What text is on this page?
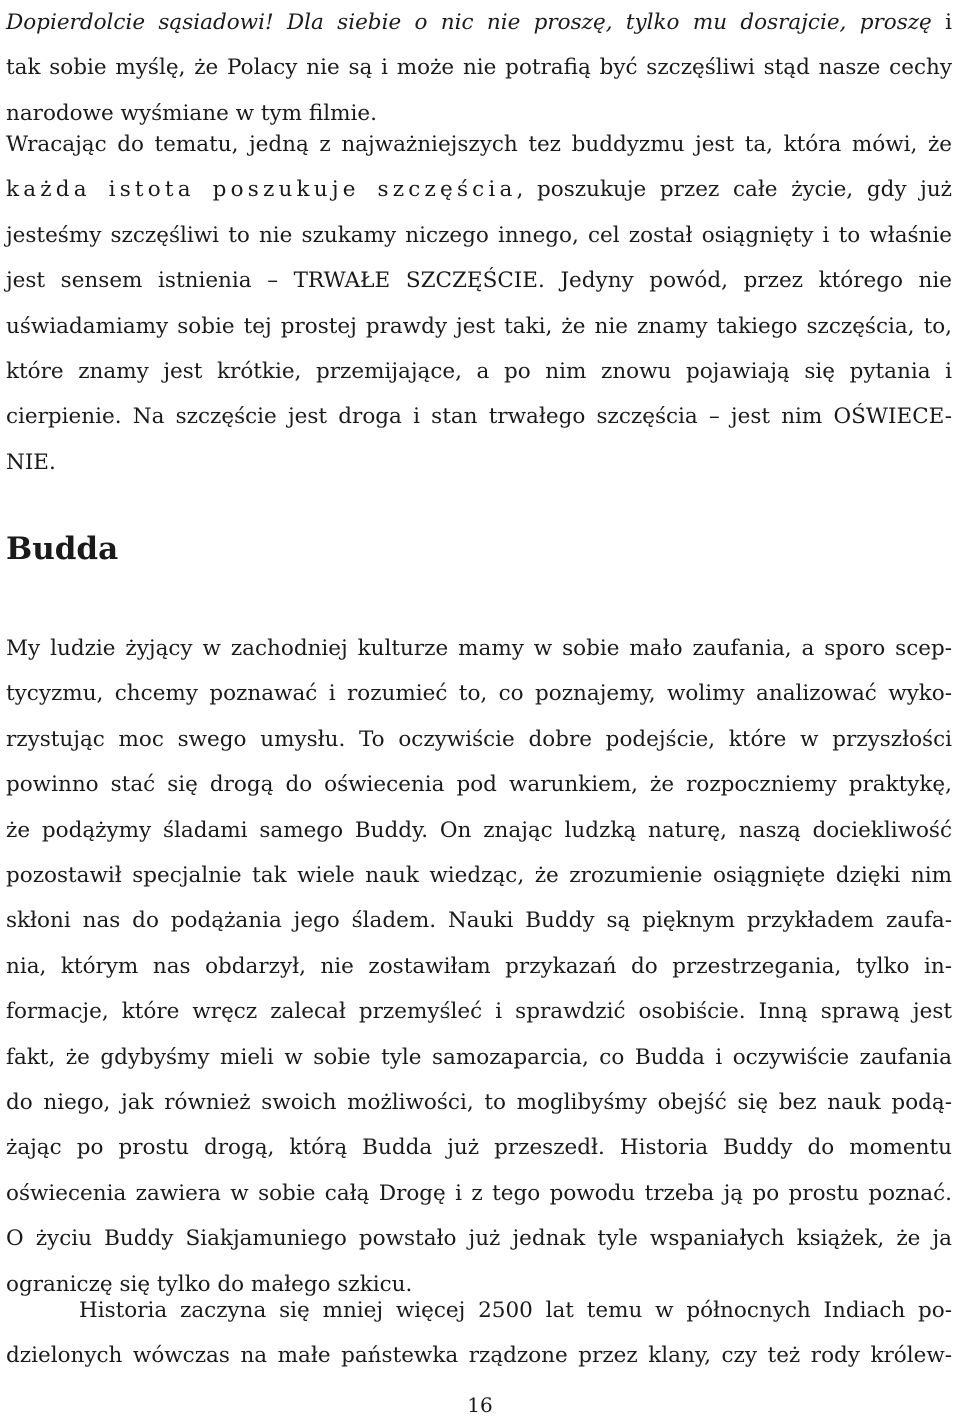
Dopierdolcie sąsiadowi! Dla siebie o nic nie proszę, tylko mu dosrajcie, proszę i
tak sobie myślę, że Polacy nie są i może nie potrafią być szczęśliwi stąd nasze cechy
narodowe wyśmiane w tym filmie.
Wracając do tematu, jedną z najważniejszych tez buddyzmu jest ta, która mówi, że
każda istota poszukuje szczęścia, poszukuje przez całe życie, gdy już
jesteśmy szczęśliwi to nie szukamy niczego innego, cel został osiągnięty i to właśnie
jest sensem istnienia – TRWAŁE SZCZĘŚCIE. Jedyny powód, przez którego nie
uświadamiamy sobie tej prostej prawdy jest taki, że nie znamy takiego szczęścia, to,
które znamy jest krótkie, przemijające, a po nim znowu pojawiają się pytania i
cierpienie. Na szczęście jest droga i stan trwałego szczęścia – jest nim OŚWIECE-
NIE.
Budda
My ludzie żyjący w zachodniej kulturze mamy w sobie mało zaufania, a sporo scep-
tycyzmu, chcemy poznawać i rozumieć to, co poznajemy, wolimy analizować wyko-
rzystując moc swego umysłu. To oczywiście dobre podejście, które w przyszłości
powinno stać się drogą do oświecenia pod warunkiem, że rozpoczniemy praktykę,
że podążymy śladami samego Buddy. On znając ludzką naturę, naszą dociekliwość
pozostawił specjalnie tak wiele nauk wiedząc, że zrozumienie osiągnięte dzięki nim
skłoni nas do podążania jego śladem. Nauki Buddy są pięknym przykładem zaufa-
nia, którym nas obdarzył, nie zostawiłam przykazań do przestrzegania, tylko in-
formacje, które wręcz zalecał przemyśleć i sprawdzić osobiście. Inną sprawą jest
fakt, że gdybyśmy mieli w sobie tyle samozaparcia, co Budda i oczywiście zaufania
do niego, jak również swoich możliwości, to moglibyśmy obejść się bez nauk podą-
żając po prostu drogą, którą Budda już przeszedł. Historia Buddy do momentu
oświecenia zawiera w sobie całą Drogę i z tego powodu trzeba ją po prostu poznać.
O życiu Buddy Siakjamuniego powstało już jednak tyle wspaniałych książek, że ja
ograniczę się tylko do małego szkicu.
Historia zaczyna się mniej więcej 2500 lat temu w północnych Indiach po-
dzielonych wówczas na małe państewka rządzone przez klany, czy też rody królew-
16
